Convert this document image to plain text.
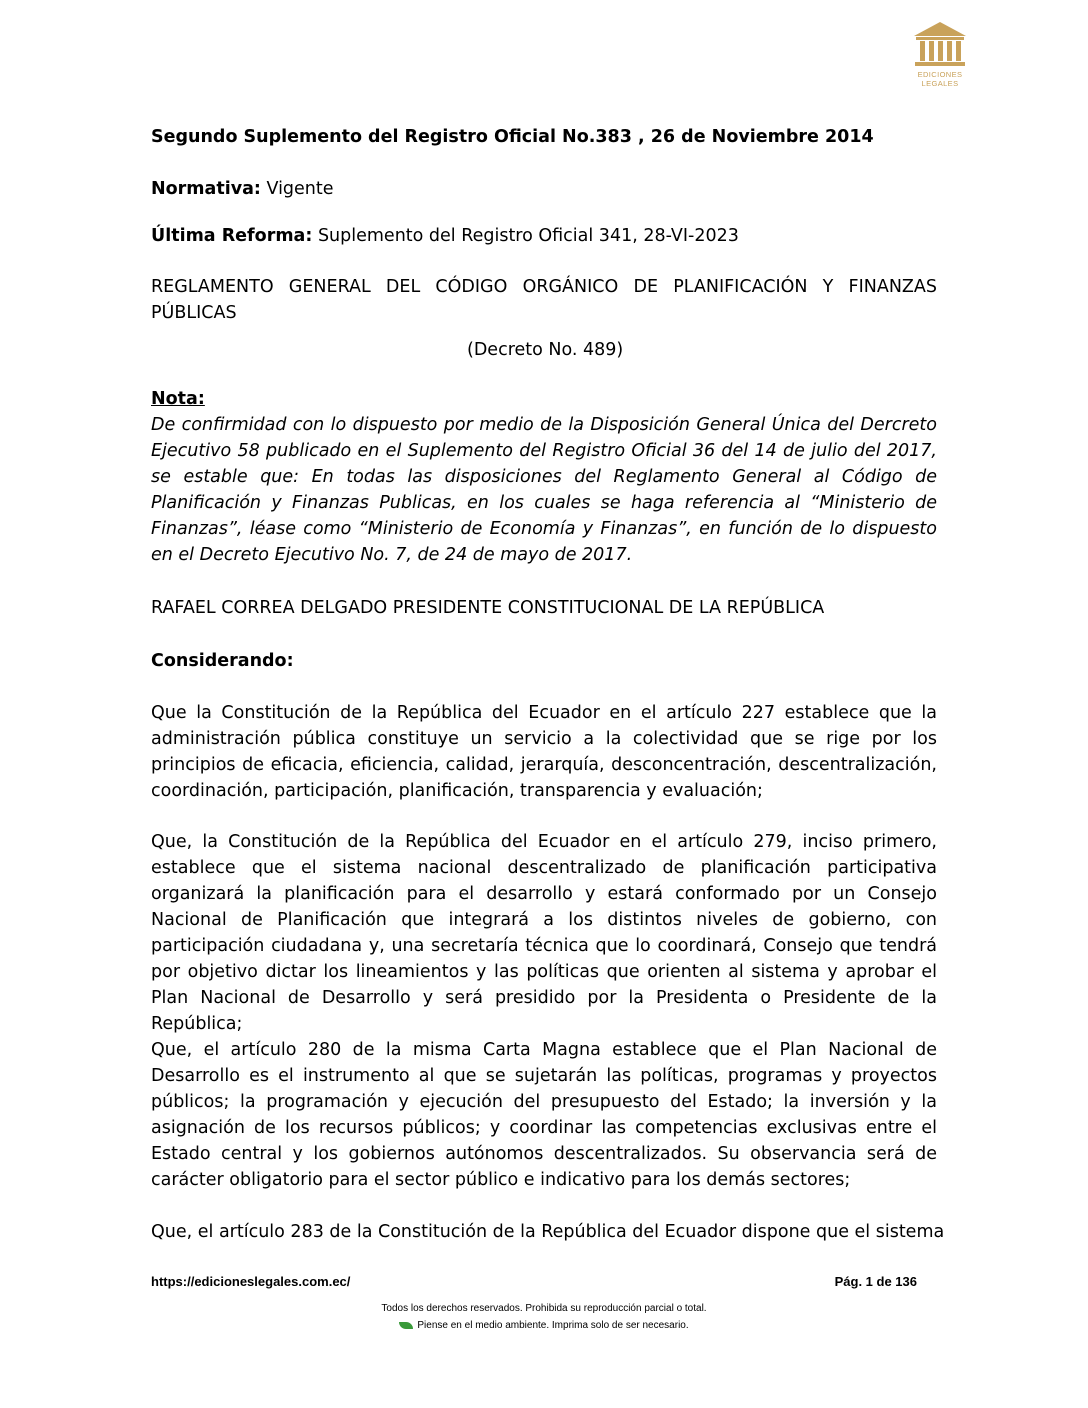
EDICIONES
LEGALES
Segundo Suplemento del Registro Oficial No.383 , 26 de Noviembre 2014
Normativa: Vigente
Última Reforma: Suplemento del Registro Oficial 341, 28-VI-2023

REGLAMENTO GENERAL DEL CÓDIGO ORGÁNICO DE PLANIFICACIÓN Y FINANZAS PÚBLICAS

(Decreto No. 489)

Nota:

De confirmidad con lo dispuesto por medio de la Disposición General Única del Dercreto Ejecutivo 58 publicado en el Suplemento del Registro Oficial 36 del 14 de julio del 2017, se estable que: En todas las disposiciones del Reglamento General al Código de Planificación y Finanzas Publicas, en los cuales se haga referencia al “Ministerio de Finanzas”, léase como “Ministerio de Economía y Finanzas”, en función de lo dispuesto en el Decreto Ejecutivo No. 7, de 24 de mayo de 2017.

RAFAEL CORREA DELGADO PRESIDENTE CONSTITUCIONAL DE LA REPÚBLICA

Considerando:

Que la Constitución de la República del Ecuador en el artículo 227 establece que la administración pública constituye un servicio a la colectividad que se rige por los principios de eficacia, eficiencia, calidad, jerarquía, desconcentración, descentralización, coordinación, participación, planificación, transparencia y evaluación;

Que, la Constitución de la República del Ecuador en el artículo 279, inciso primero, establece que el sistema nacional descentralizado de planificación participativa organizará la planificación para el desarrollo y estará conformado por un Consejo Nacional de Planificación que integrará a los distintos niveles de gobierno, con participación ciudadana y, una secretaría técnica que lo coordinará, Consejo que tendrá por objetivo dictar los lineamientos y las políticas que orienten al sistema y aprobar el Plan Nacional de Desarrollo y será presidido por la Presidenta o Presidente de la República;

Que, el artículo 280 de la misma Carta Magna establece que el Plan Nacional de Desarrollo es el instrumento al que se sujetarán las políticas, programas y proyectos públicos; la programación y ejecución del presupuesto del Estado; la inversión y la asignación de los recursos públicos; y coordinar las competencias exclusivas entre el Estado central y los gobiernos autónomos descentralizados. Su observancia será de carácter obligatorio para el sector público e indicativo para los demás sectores;

Que, el artículo 283 de la Constitución de la República del Ecuador dispone que el sistema

https://edicioneslegales.com.ec/	Pág. 1 de 136
Todos los derechos reservados. Prohibida su reproducción parcial o total.
Piense en el medio ambiente. Imprima solo de ser necesario.
